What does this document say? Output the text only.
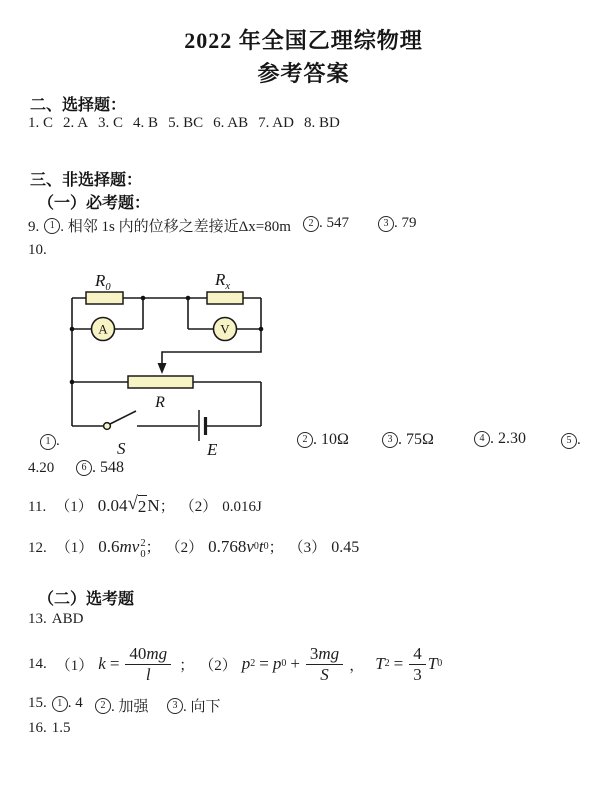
2022 年全国乙理综物理
参考答案
二、选择题：
1. C 2. A 3. C 4. B 5. BC 6. AB 7. AD 8. BD
三、非选择题：
（一）必考题：
9.	1 . 相邻 1s 内的位移之差接近Δx=80m	2 . 547	3 . 79
10.
A	V
$R_0$	$R_x$
R
S	E
1 .	2 . 10Ω	3 . 75Ω	4 . 2.30	5 .
4.20	6 . 548
11. （1） 0.04 √ 2 N ； （2） 0.016J
12. （1） 0.6 mv 2
0 ； （2） 0.768 v 0 t 0 ； （3） 0.45
（二）选考题
13. ABD
14. （1） $k = \frac{40mg}{l}$ ； （2） p 2 = p $0 + \frac{3mg}{S}$ ， T $2 = \frac{4}{3}$ T 0
15.	1 . 4	2 . 加强	3 . 向下
16. 1.5
